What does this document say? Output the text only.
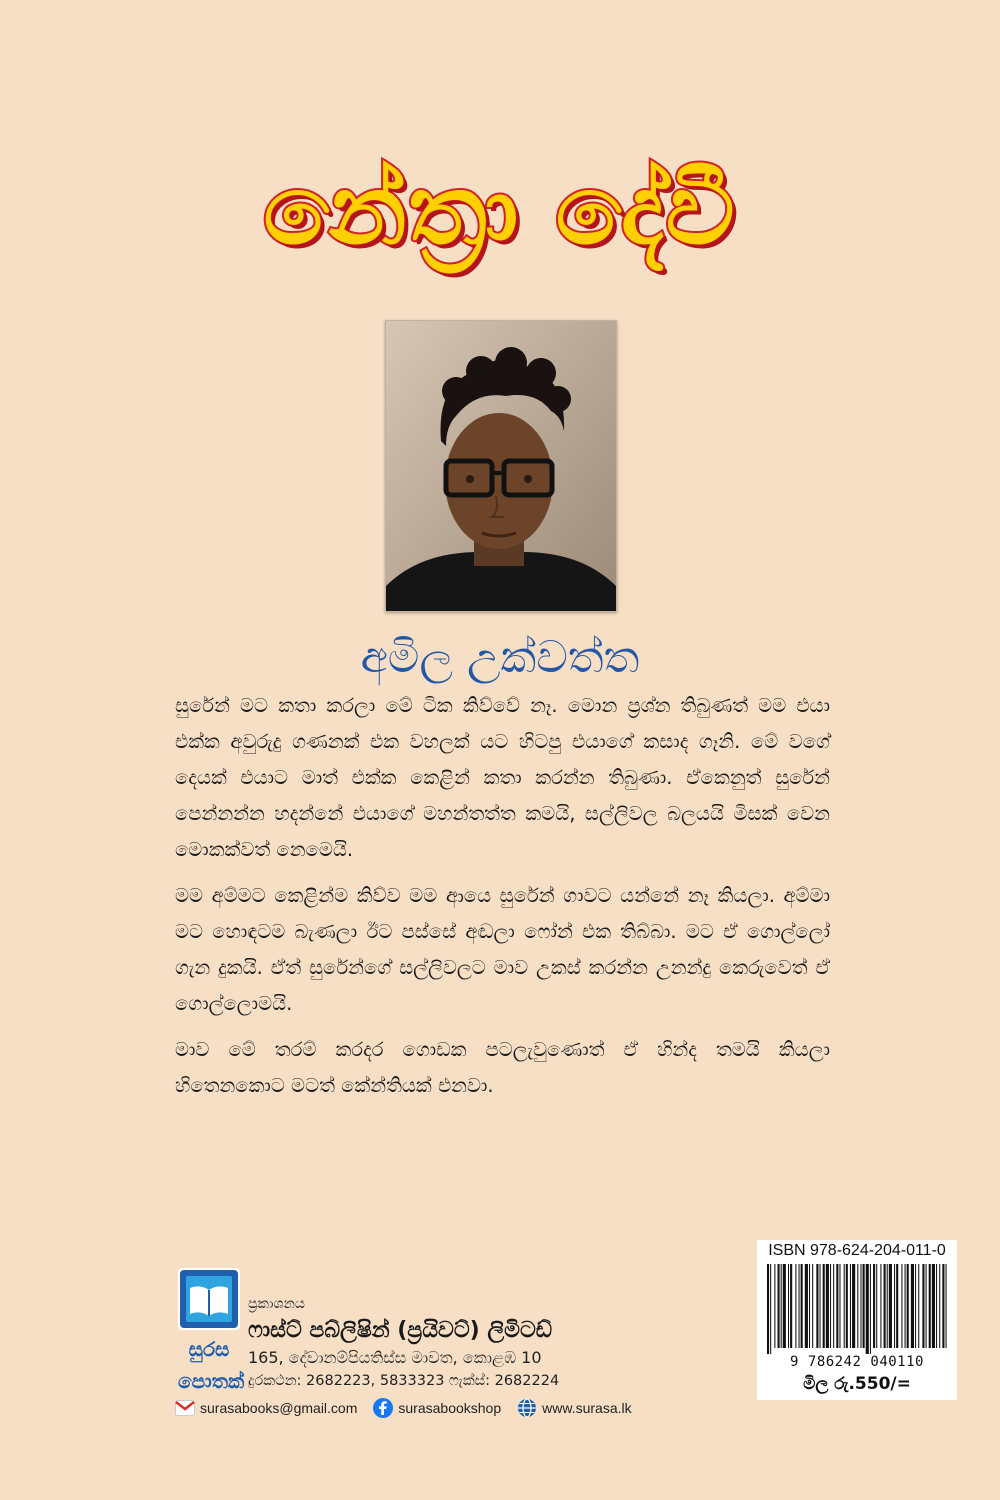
නේත්‍රා දේවී
අමිල උක්වත්ත

සුරේන් මට කතා කරලා මේ ටික කිව්වේ නෑ. මොන ප්‍රශ්න තිබුණත් මම එයා එක්ක අවුරුදු ගණනක් එක වහලක් යට හිටපු එයාගේ කසාද ගෑනි. මේ වගේ දෙයක් එයාට මාත් එක්ක කෙළින් කතා කරන්න තිබුණා. ඒකෙනුත් සුරේන් පෙන්නන්න හදන්නේ එයාගේ මහන්තත්ත කමයි, සල්ලිවල බලයයි මිසක් වෙන මොකක්වත් නෙමෙයි.

මම අම්මට කෙළින්ම කිව්ව මම ආයෙ සුරේන් ගාවට යන්නේ නෑ කියලා. අම්මා මට හොඳටම බැණලා ඊට පස්සේ අඬලා ෆෝන් එක තිබ්බා. මට ඒ ගොල්ලෝ ගැන දුකයි. ඒත් සුරේන්ගේ සල්ලිවලට මාව උකස් කරන්න උනන්දු කෙරුවෙත් ඒ ගොල්ලොමයි.

මාව මේ තරම් කරදර ගොඩක පටලැවුණොත් ඒ හින්ද තමයි කියලා හිතෙනකොට මටත් කේන්තියක් එනවා.

සුරස
පොතක්
ප්‍රකාශනය
ෆාස්ට් පබ්ලිෂින් (ප්‍රයිවට්) ලිමිටඩ්
165, දේවානම්පියතිස්ස මාවත, කොළඹ 10
දුරකථන: 2682223, 5833323 ෆැක්ස්: 2682224
surasabooks@gmail.com	surasabookshop	www.surasa.lk
ISBN 978-624-204-011-0
9 786242 040110
මිල රු.550/=
